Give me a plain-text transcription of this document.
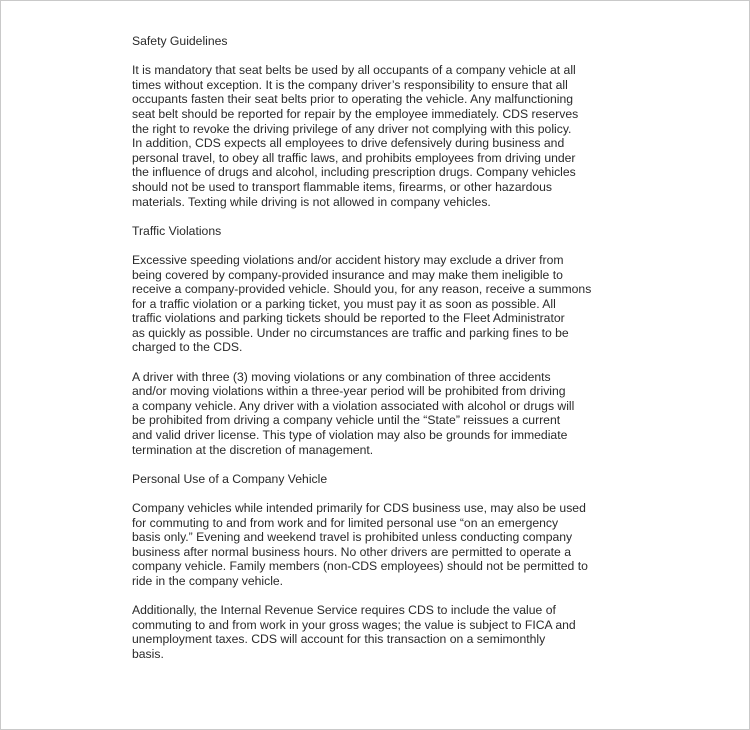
Safety Guidelines
It is mandatory that seat belts be used by all occupants of a company vehicle at all
times without exception. It is the company driver’s responsibility to ensure that all
occupants fasten their seat belts prior to operating the vehicle. Any malfunctioning
seat belt should be reported for repair by the employee immediately. CDS reserves
the right to revoke the driving privilege of any driver not complying with this policy.
In addition, CDS expects all employees to drive defensively during business and
personal travel, to obey all traffic laws, and prohibits employees from driving under
the influence of drugs and alcohol, including prescription drugs. Company vehicles
should not be used to transport flammable items, firearms, or other hazardous
materials. Texting while driving is not allowed in company vehicles.
Traffic Violations
Excessive speeding violations and/or accident history may exclude a driver from
being covered by company-provided insurance and may make them ineligible to
receive a company-provided vehicle. Should you, for any reason, receive a summons
for a traffic violation or a parking ticket, you must pay it as soon as possible. All
traffic violations and parking tickets should be reported to the Fleet Administrator
as quickly as possible. Under no circumstances are traffic and parking fines to be
charged to the CDS.
A driver with three (3) moving violations or any combination of three accidents
and/or moving violations within a three-year period will be prohibited from driving
a company vehicle. Any driver with a violation associated with alcohol or drugs will
be prohibited from driving a company vehicle until the “State” reissues a current
and valid driver license. This type of violation may also be grounds for immediate
termination at the discretion of management.
Personal Use of a Company Vehicle
Company vehicles while intended primarily for CDS business use, may also be used
for commuting to and from work and for limited personal use “on an emergency
basis only.” Evening and weekend travel is prohibited unless conducting company
business after normal business hours. No other drivers are permitted to operate a
company vehicle. Family members (non-CDS employees) should not be permitted to
ride in the company vehicle.
Additionally, the Internal Revenue Service requires CDS to include the value of
commuting to and from work in your gross wages; the value is subject to FICA and
unemployment taxes. CDS will account for this transaction on a semimonthly
basis.
